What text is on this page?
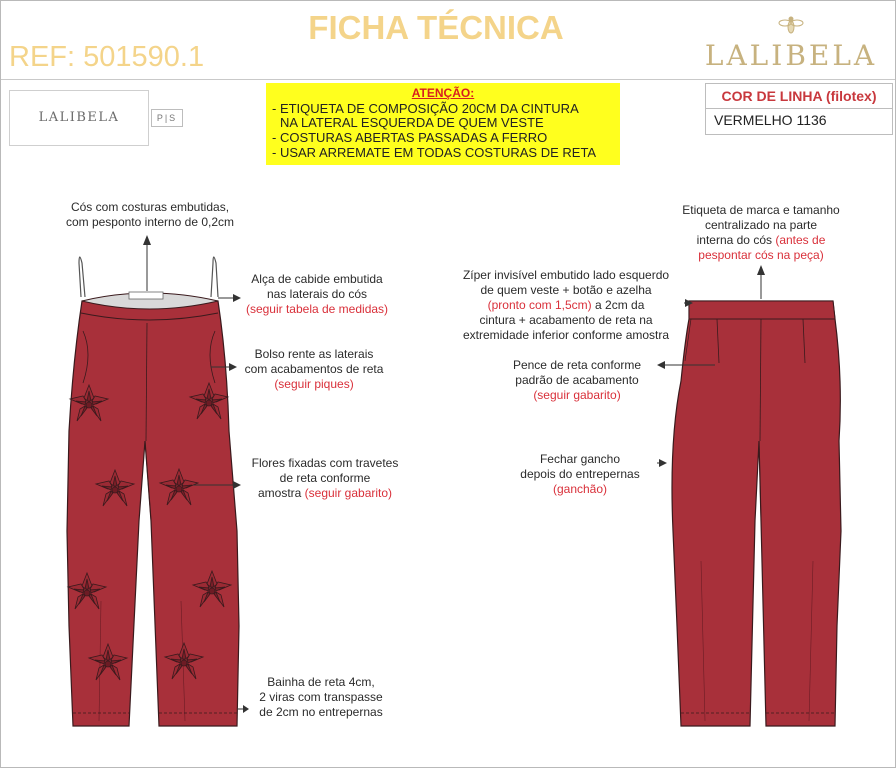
FICHA TÉCNICA
REF: 501590.1	LALIBELA
LALIBELA	P|S
ATENÇÃO:
- ETIQUETA DE COMPOSIÇÃO 20CM DA CINTURA
NA LATERAL ESQUERDA DE QUEM VESTE
- COSTURAS ABERTAS PASSADAS A FERRO
- USAR ARREMATE EM TODAS COSTURAS DE RETA
COR DE LINHA (filotex)
VERMELHO 1136
Cós com costuras embutidas,
com pesponto interno de 0,2cm
Alça de cabide embutida
nas laterais do cós
(seguir tabela de medidas)
Bolso rente as laterais
com acabamentos de reta
(seguir piques)
Flores fixadas com travetes
de reta conforme
amostra (seguir gabarito)
Bainha de reta 4cm,
2 viras com transpasse
de 2cm no entrepernas
Etiqueta de marca e tamanho
centralizado na parte
interna do cós (antes de
pespontar cós na peça)
Zíper invisível embutido lado esquerdo
de quem veste + botão e azelha
(pronto com 1,5cm) a 2cm da
cintura + acabamento de reta na
extremidade inferior conforme amostra
Pence de reta conforme
padrão de acabamento
(seguir gabarito)
Fechar gancho
depois do entrepernas
(ganchão)
